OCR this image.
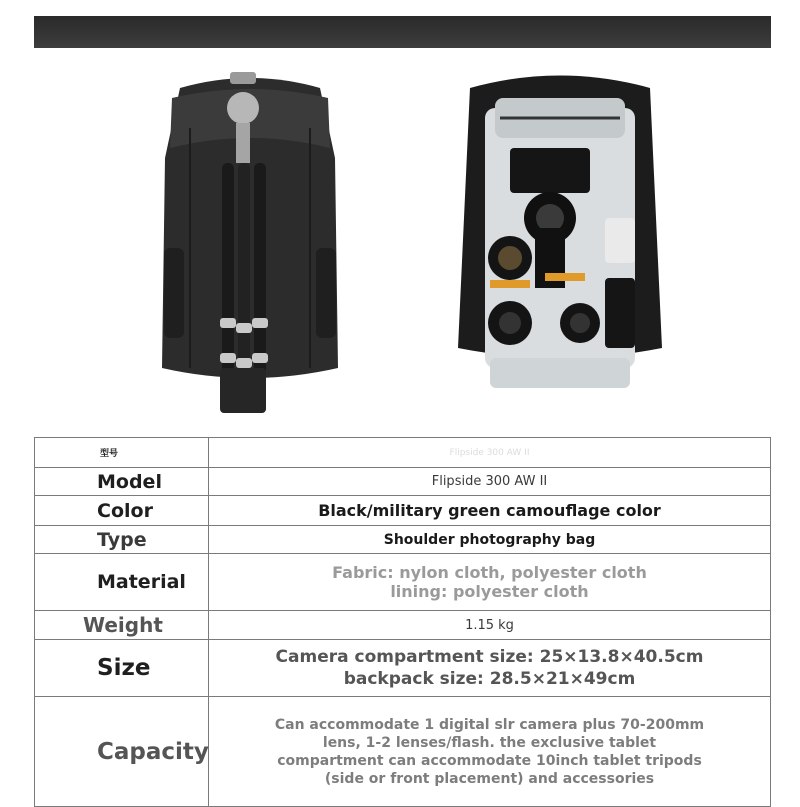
型号	Flipside 300 AW II
Model	Flipside 300 AW II
Color	Black/military green camouflage color
Type	Shoulder photography bag
Material	Fabric: nylon cloth, polyester cloth
lining: polyester cloth

Weight	1.15 kg
Size	Camera compartment size: 25×13.8×40.5cm
backpack size: 28.5×21×49cm

Capacity	Can accommodate 1 digital slr camera plus 70-200mm
lens, 1-2 lenses/flash. the exclusive tablet
compartment can accommodate 10inch tablet tripods
(side or front placement) and accessories
